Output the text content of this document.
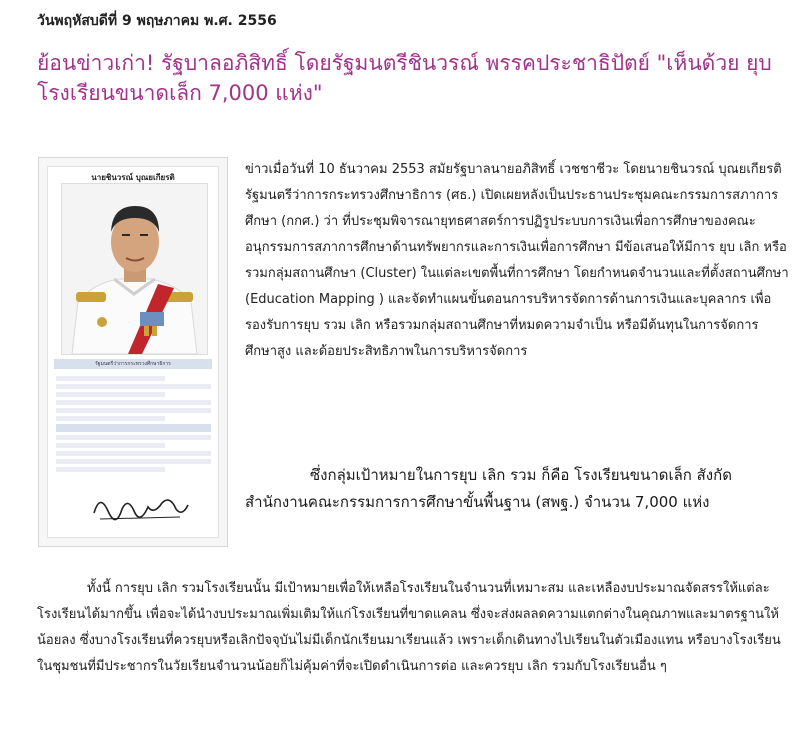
วันพฤหัสบดีที่ 9 พฤษภาคม พ.ศ. 2556
ย้อนข่าวเก่า! รัฐบาลอภิสิทธิ์ โดยรัฐมนตรีชินวรณ์ พรรคประชาธิปัตย์ "เห็นด้วย ยุบโรงเรียนขนาดเล็ก 7,000 แห่ง"
นายชินวรณ์ บุณยเกียรติ
รัฐมนตรีว่าการกระทรวงศึกษาธิการ

ข่าวเมื่อวันที่ 10 ธันวาคม 2553 สมัยรัฐบาลนายอภิสิทธิ์ เวชชาชีวะ โดยนายชินวรณ์ บุณยเกียรติ รัฐมนตรีว่าการกระทรวงศึกษาธิการ (ศธ.) เปิดเผยหลังเป็นประธานประชุมคณะกรรมการสภาการศึกษา (กกศ.) ว่า ที่ประชุมพิจารณายุทธศาสตร์การปฏิรูประบบการเงินเพื่อการศึกษาของคณะอนุกรรมการสภาการศึกษาด้านทรัพยากรและการเงินเพื่อการศึกษา มีข้อเสนอให้มีการ ยุบ เลิก หรือรวมกลุ่มสถานศึกษา (Cluster) ในแต่ละเขตพื้นที่การศึกษา โดยกำหนดจำนวนและที่ตั้งสถานศึกษา (Education Mapping ) และจัดทำแผนขั้นตอนการบริหารจัดการด้านการเงินและบุคลากร เพื่อรองรับการยุบ รวม เลิก หรือรวมกลุ่มสถานศึกษาที่หมดความจำเป็น หรือมีต้นทุนในการจัดการศึกษาสูง และด้อยประสิทธิภาพในการบริหารจัดการ

ซึ่งกลุ่มเป้าหมายในการยุบ เลิก รวม ก็คือ โรงเรียนขนาดเล็ก สังกัดสำนักงานคณะกรรมการการศึกษาขั้นพื้นฐาน (สพฐ.) จำนวน 7,000 แห่ง

ทั้งนี้ การยุบ เลิก รวมโรงเรียนนั้น มีเป้าหมายเพื่อให้เหลือโรงเรียนในจำนวนที่เหมาะสม และเหลืองบประมาณจัดสรรให้แต่ละโรงเรียนได้มากขึ้น เพื่อจะได้นำงบประมาณเพิ่มเติมให้แก่โรงเรียนที่ขาดแคลน ซึ่งจะส่งผลลดความแตกต่างในคุณภาพและมาตรฐานให้น้อยลง ซึ่งบางโรงเรียนที่ควรยุบหรือเลิกปัจจุบันไม่มีเด็กนักเรียนมาเรียนแล้ว เพราะเด็กเดินทางไปเรียนในตัวเมืองแทน หรือบางโรงเรียนในชุมชนที่มีประชากรในวัยเรียนจำนวนน้อยก็ไม่คุ้มค่าที่จะเปิดดำเนินการต่อ และควรยุบ เลิก รวมกับโรงเรียนอื่น ๆ
